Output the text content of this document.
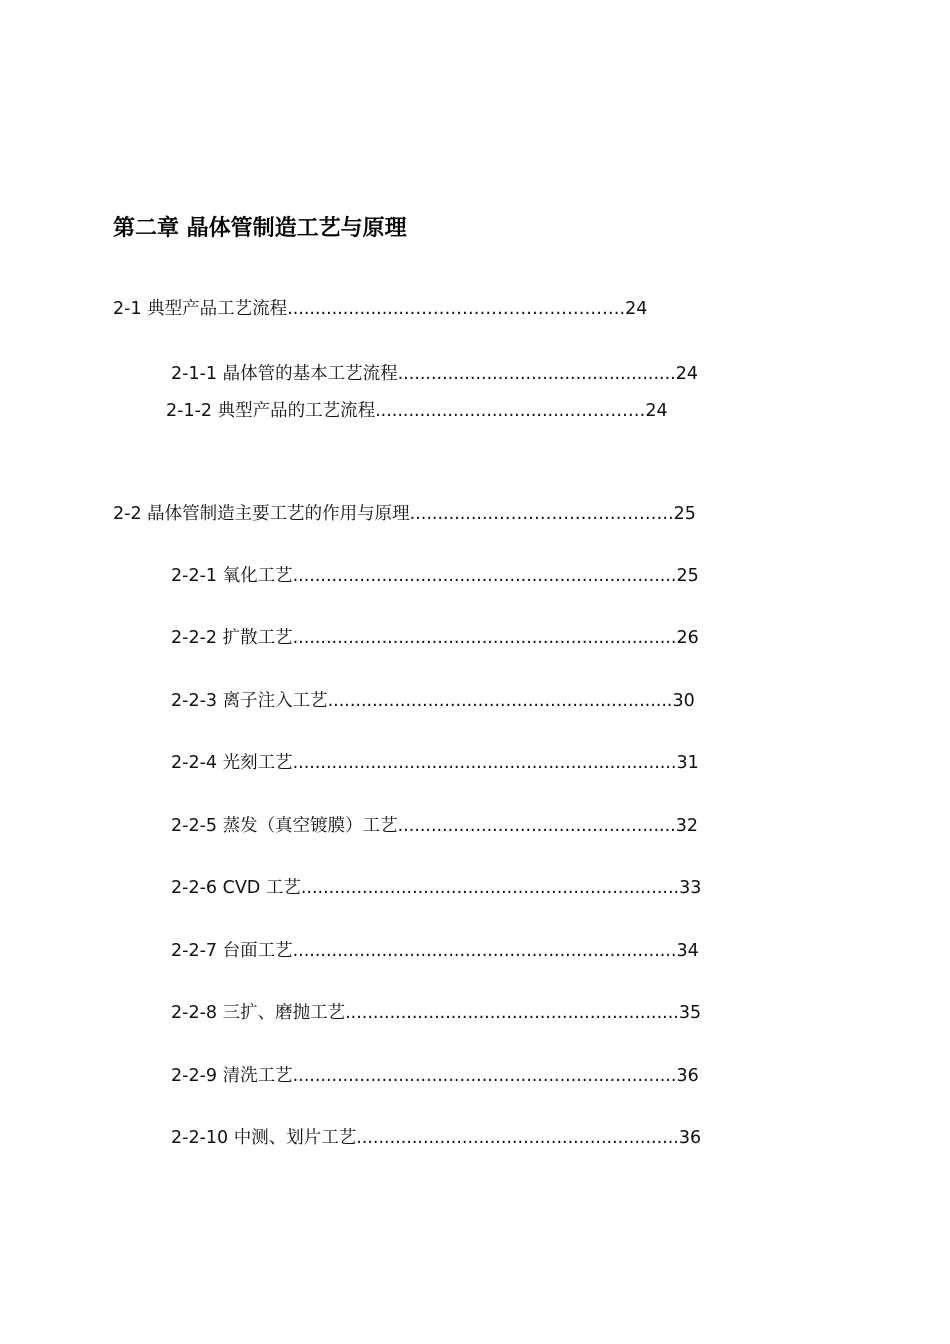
第二章 晶体管制造工艺与原理
2-1 典型产品工艺流程......................……………………………….24
2-1-1 晶体管的基本工艺流程..................................................24
2-1-2 典型产品的工艺流程....................................…………24
2-2 晶体管制造主要工艺的作用与原理...............………………………….25
2-2-1 氧化工艺.....................................................................25
2-2-2 扩散工艺.....................................................................26
2-2-3 离子注入工艺..............................................................30
2-2-4 光刻工艺.....................................................................31
2-2-5 蒸发（真空镀膜）工艺..................................................32
2-2-6 CVD 工艺....................................................................33
2-2-7 台面工艺.....................................................................34
2-2-8 三扩、磨抛工艺............................................................35
2-2-9 清洗工艺.....................................................................36
2-2-10 中测、划片工艺..........................................................36
